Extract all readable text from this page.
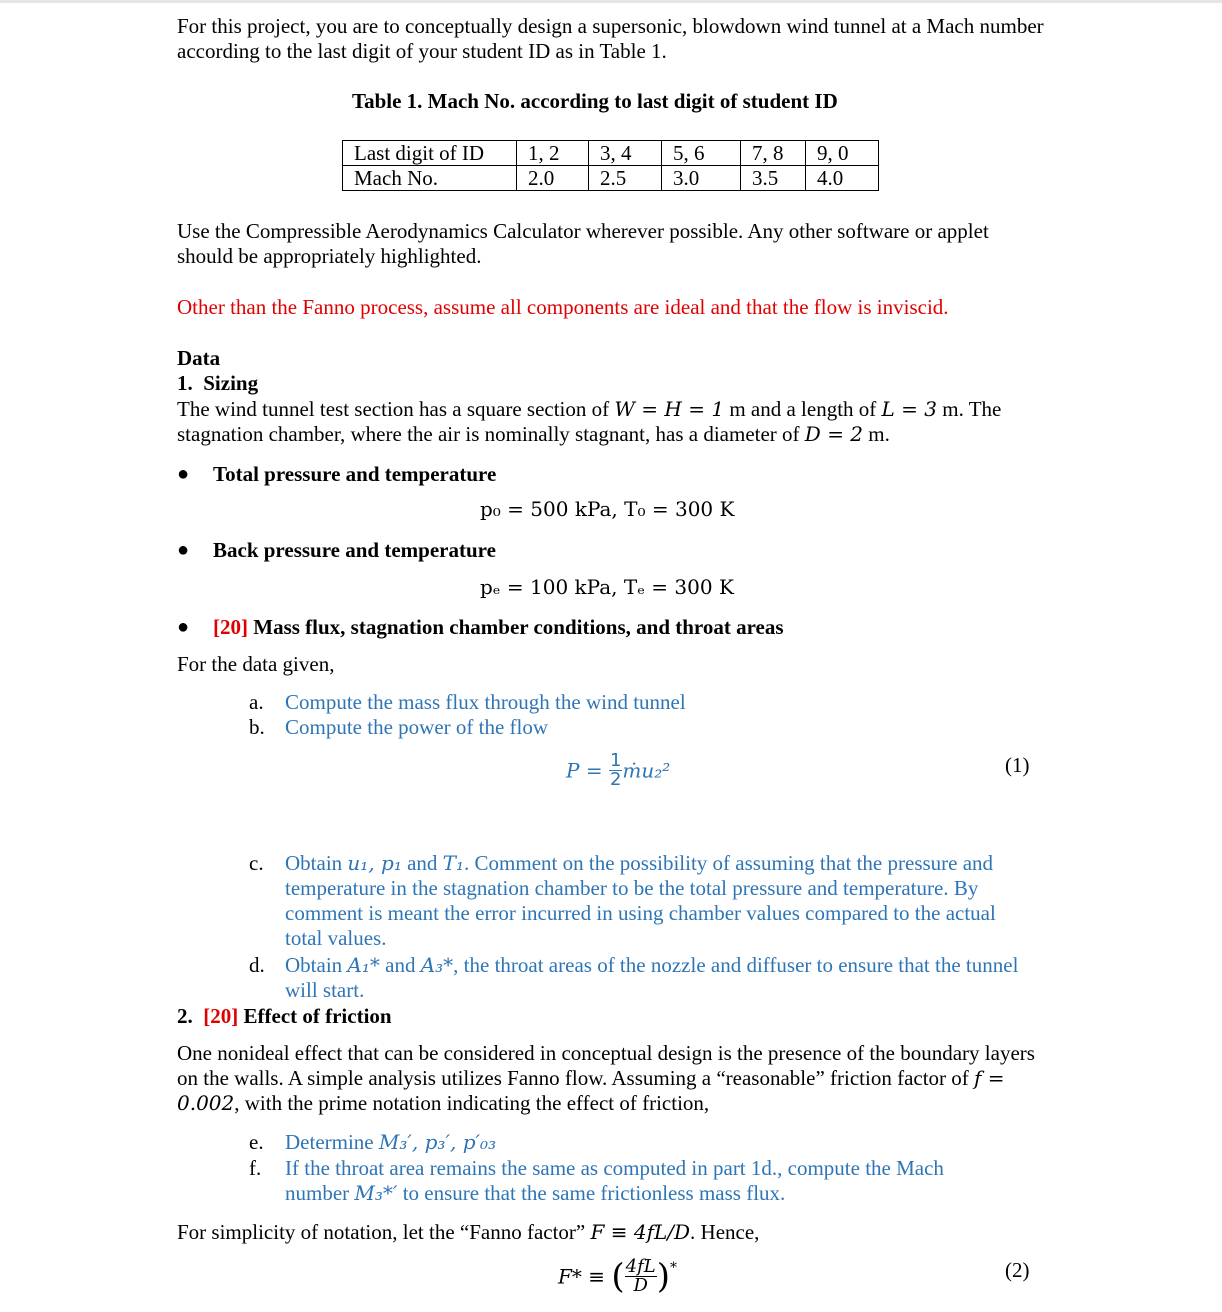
For this project, you are to conceptually design a supersonic, blowdown wind tunnel at a Mach number according to the last digit of your student ID as in Table 1.

Table 1. Mach No. according to last digit of student ID
Last digit of ID	1, 2	3, 4	5, 6	7, 8	9, 0
Mach No.	2.0	2.5	3.0	3.5	4.0

Use the Compressible Aerodynamics Calculator wherever possible. Any other software or applet should be appropriately highlighted.

Other than the Fanno process, assume all components are ideal and that the flow is inviscid.

Data
1. Sizing

The wind tunnel test section has a square section of W = H = 1 m and a length of L = 3 m. The stagnation chamber, where the air is nominally stagnant, has a diameter of D = 2 m.

● Total pressure and temperature
p₀ = 500 kPa, T₀ = 300 K
● Back pressure and temperature
pₑ = 100 kPa, Tₑ = 300 K
● [20] Mass flux, stagnation chamber conditions, and throat areas
For the data given,
a. Compute the mass flux through the wind tunnel
b. Compute the power of the flow
$P = \frac{1}{2}$ ṁu₂²	(1)
c. Obtain u₁, p₁ and T₁. Comment on the possibility of assuming that the pressure and temperature in the stagnation chamber to be the total pressure and temperature. By comment is meant the error incurred in using chamber values compared to the actual total values.
d. Obtain A₁* and A₃*, the throat areas of the nozzle and diffuser to ensure that the tunnel will start.
2. [20] Effect of friction

One nonideal effect that can be considered in conceptual design is the presence of the boundary layers on the walls. A simple analysis utilizes Fanno flow. Assuming a “reasonable” friction factor of f = 0.002, with the prime notation indicating the effect of friction,

e. Determine M₃′, p₃′, p′₀₃
f. If the throat area remains the same as computed in part 1d., compute the Mach number M₃*′ to ensure that the same frictionless mass flux.

For simplicity of notation, let the “Fanno factor” F ≡ 4fL/D. Hence,

F* ≡ ( $\frac{4fL}{D} )^*$	(2)
